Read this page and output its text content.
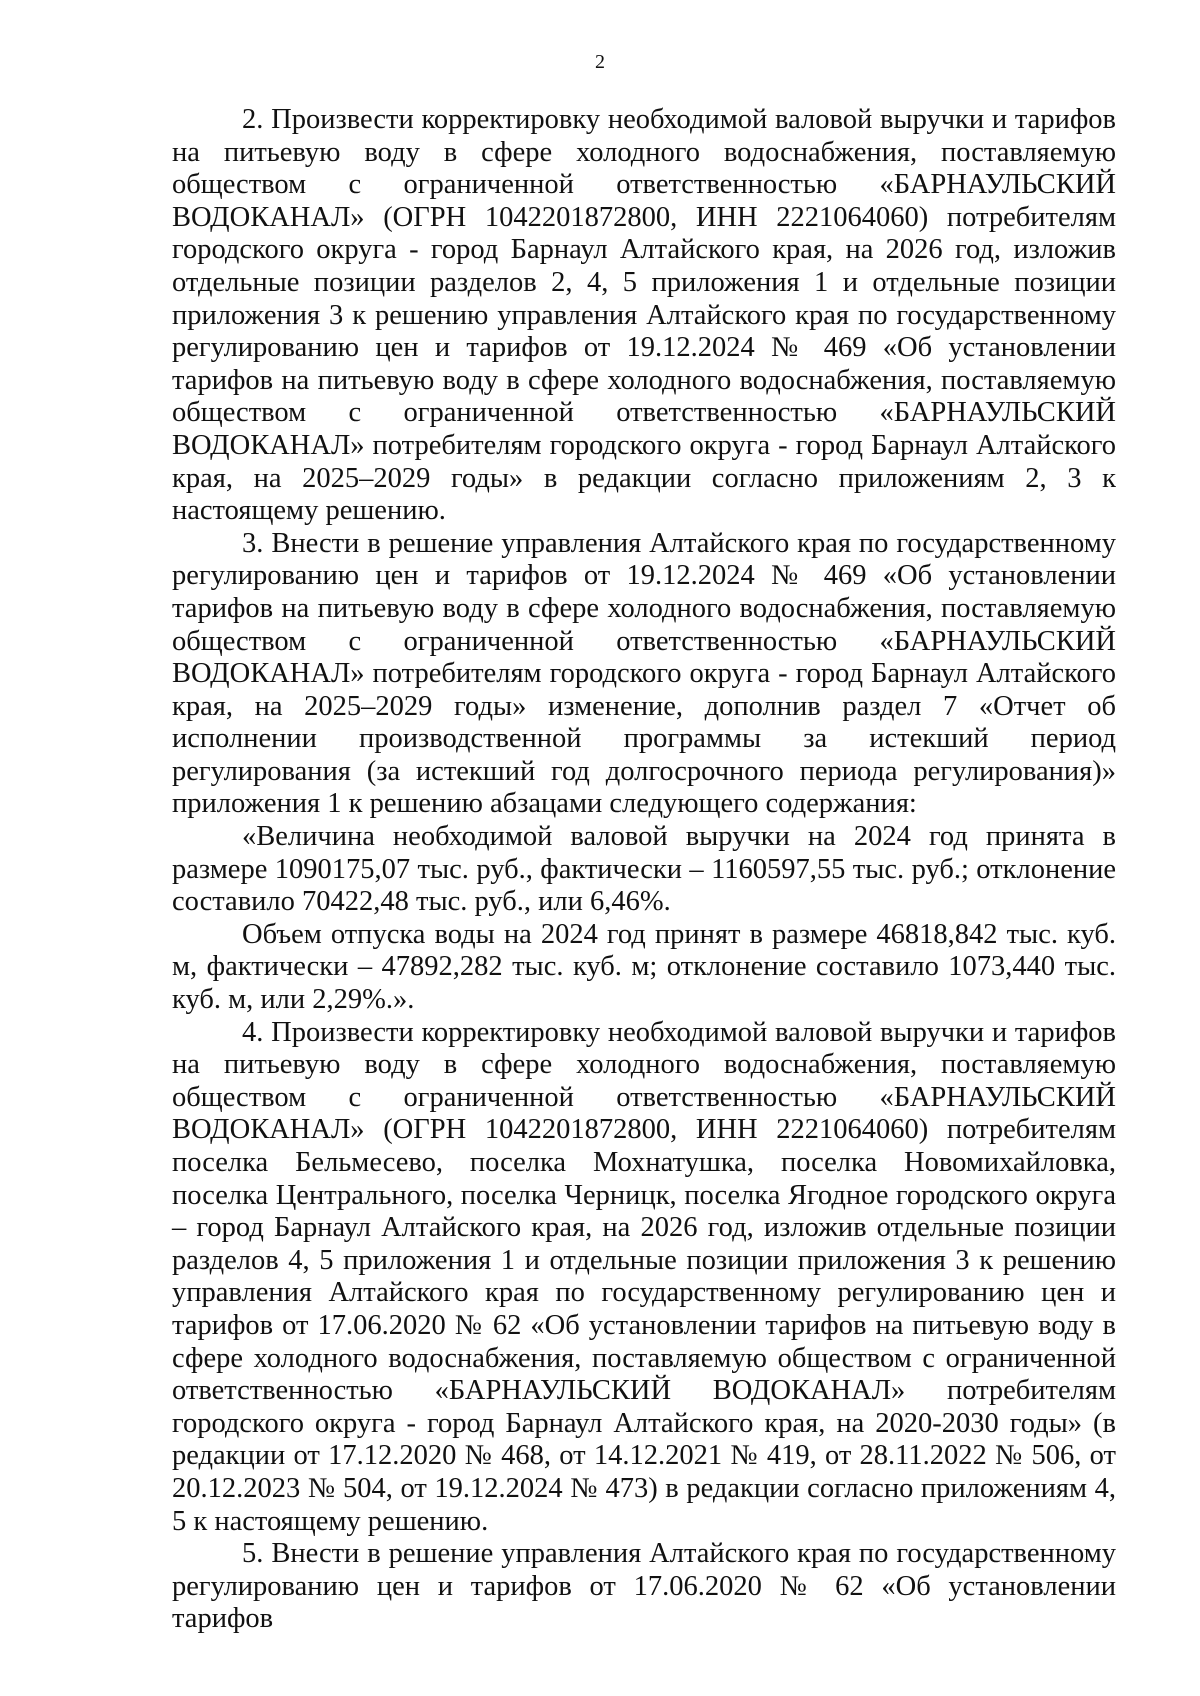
2

2. Произвести корректировку необходимой валовой выручки и тарифов на питьевую воду в сфере холодного водоснабжения, поставляемую обществом с ограниченной ответственностью «БАРНАУЛЬСКИЙ ВОДОКАНАЛ» (ОГРН 1042201872800, ИНН 2221064060) потребителям городского округа - город Барнаул Алтайского края, на 2026 год, изложив отдельные позиции разделов 2, 4, 5 приложения 1 и отдельные позиции приложения 3 к решению управления Алтайского края по государственному регулированию цен и тарифов от 19.12.2024 № 469 «Об установлении тарифов на питьевую воду в сфере холодного водоснабжения, поставляемую обществом с ограниченной ответственностью «БАРНАУЛЬСКИЙ ВОДОКАНАЛ» потребителям городского округа - город Барнаул Алтайского края, на 2025–2029 годы» в редакции согласно приложениям 2, 3 к настоящему решению.

3. Внести в решение управления Алтайского края по государственному регулированию цен и тарифов от 19.12.2024 № 469 «Об установлении тарифов на питьевую воду в сфере холодного водоснабжения, поставляемую обществом с ограниченной ответственностью «БАРНАУЛЬСКИЙ ВОДОКАНАЛ» потребителям городского округа - город Барнаул Алтайского края, на 2025–2029 годы» изменение, дополнив раздел 7 «Отчет об исполнении производственной программы за истекший период регулирования (за истекший год долгосрочного периода регулирования)» приложения 1 к решению абзацами следующего содержания:

«Величина необходимой валовой выручки на 2024 год принята в размере 1090175,07 тыс. руб., фактически – 1160597,55 тыс. руб.; отклонение составило 70422,48 тыс. руб., или 6,46%.

Объем отпуска воды на 2024 год принят в размере 46818,842 тыс. куб. м, фактически – 47892,282 тыс. куб. м; отклонение составило 1073,440 тыс. куб. м, или 2,29%.».

4. Произвести корректировку необходимой валовой выручки и тарифов на питьевую воду в сфере холодного водоснабжения, поставляемую обществом с ограниченной ответственностью «БАРНАУЛЬСКИЙ ВОДОКАНАЛ» (ОГРН 1042201872800, ИНН 2221064060) потребителям поселка Бельмесево, поселка Мохнатушка, поселка Новомихайловка, поселка Центрального, поселка Черницк, поселка Ягодное городского округа – город Барнаул Алтайского края, на 2026 год, изложив отдельные позиции разделов 4, 5 приложения 1 и отдельные позиции приложения 3 к решению управления Алтайского края по государственному регулированию цен и тарифов от 17.06.2020 № 62 «Об установлении тарифов на питьевую воду в сфере холодного водоснабжения, поставляемую обществом с ограниченной ответственностью «БАРНАУЛЬСКИЙ ВОДОКАНАЛ» потребителям городского округа - город Барнаул Алтайского края, на 2020-2030 годы» (в редакции от 17.12.2020 № 468, от 14.12.2021 № 419, от 28.11.2022 № 506, от 20.12.2023 № 504, от 19.12.2024 № 473) в редакции согласно приложениям 4, 5 к настоящему решению.

5. Внести в решение управления Алтайского края по государственному регулированию цен и тарифов от 17.06.2020 № 62 «Об установлении тарифов
